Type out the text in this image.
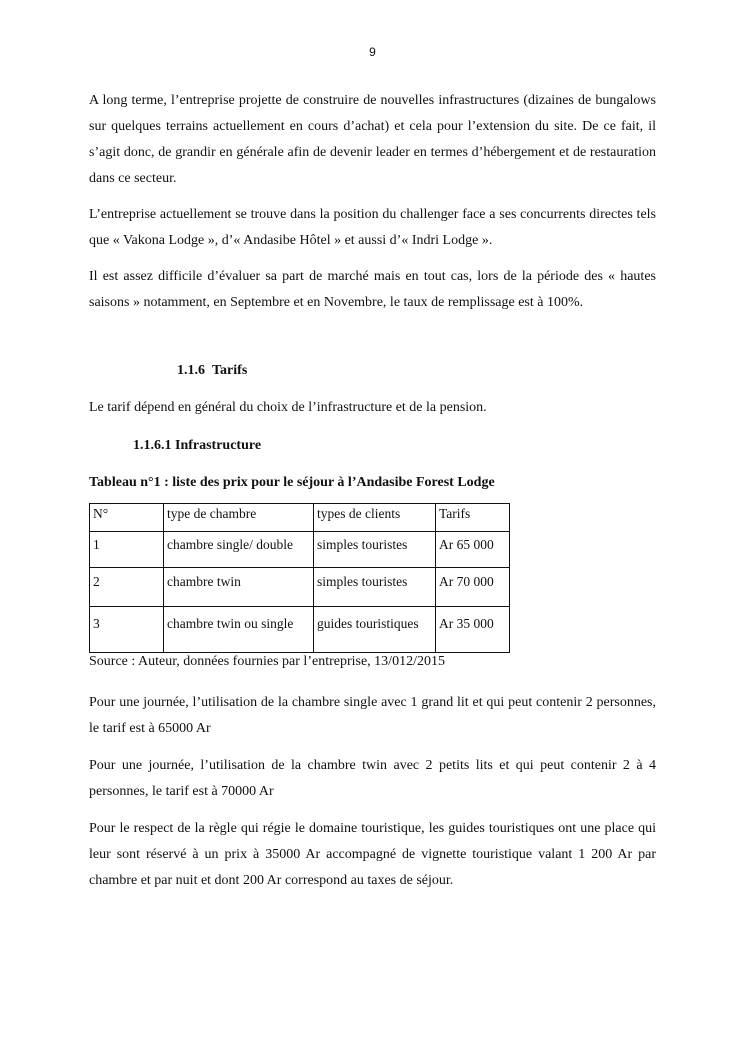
9

A long terme, l’entreprise projette de construire de nouvelles infrastructures (dizaines de bungalows sur quelques terrains actuellement en cours d’achat) et cela pour l’extension du site. De ce fait, il s’agit donc, de grandir en générale afin de devenir leader en termes d’hébergement et de restauration dans ce secteur.

L’entreprise actuellement se trouve dans la position du challenger face a ses concurrents directes tels que « Vakona Lodge », d’« Andasibe Hôtel » et aussi d’« Indri Lodge ».

Il est assez difficile d’évaluer sa part de marché mais en tout cas, lors de la période des « hautes saisons » notamment, en Septembre et en Novembre, le taux de remplissage est à 100%.

1.1.6 Tarifs

Le tarif dépend en général du choix de l’infrastructure et de la pension.

1.1.6.1 Infrastructure
Tableau n°1 : liste des prix pour le séjour à l’Andasibe Forest Lodge
N°	type de chambre	types de clients	Tarifs
1	chambre single/ double	simples touristes	Ar 65 000
2	chambre twin	simples touristes	Ar 70 000
3	chambre twin ou single	guides touristiques	Ar 35 000
Source : Auteur, données fournies par l’entreprise, 13/012/2015

Pour une journée, l’utilisation de la chambre single avec 1 grand lit et qui peut contenir 2 personnes, le tarif est à 65000 Ar

Pour une journée, l’utilisation de la chambre twin avec 2 petits lits et qui peut contenir 2 à 4 personnes, le tarif est à 70000 Ar

Pour le respect de la règle qui régie le domaine touristique, les guides touristiques ont une place qui leur sont réservé à un prix à 35000 Ar accompagné de vignette touristique valant 1 200 Ar par chambre et par nuit et dont 200 Ar correspond au taxes de séjour.
